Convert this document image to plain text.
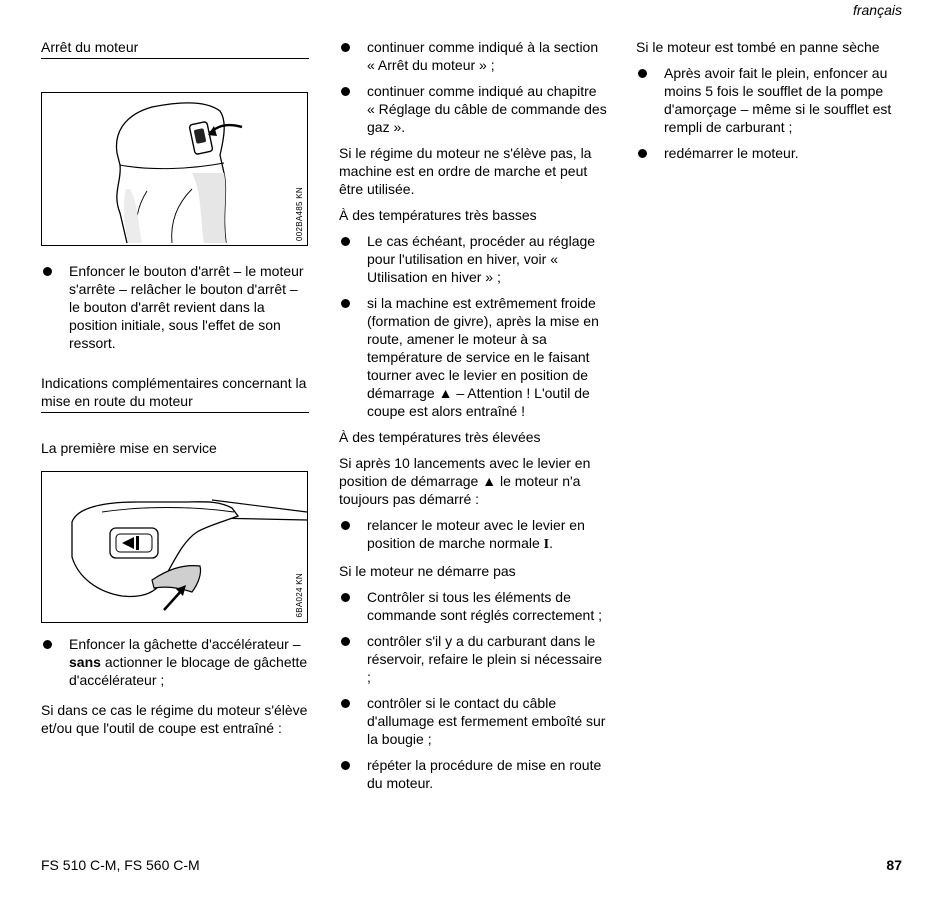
français
Arrêt du moteur
002BA485 KN
Enfoncer le bouton d'arrêt – le moteur s'arrête – relâcher le bouton d'arrêt – le bouton d'arrêt revient dans la position initiale, sous l'effet de son ressort.
Indications complémentaires concernant la mise en route du moteur
La première mise en service
6BA024 KN
Enfoncer la gâchette d'accélérateur – sans actionner le blocage de gâchette d'accélérateur ;
Si dans ce cas le régime du moteur s'élève et/ou que l'outil de coupe est entraîné :
continuer comme indiqué à la section « Arrêt du moteur » ;
continuer comme indiqué au chapitre « Réglage du câble de commande des gaz ».
Si le régime du moteur ne s'élève pas, la machine est en ordre de marche et peut être utilisée.
À des températures très basses
Le cas échéant, procéder au réglage pour l'utilisation en hiver, voir « Utilisation en hiver » ;
si la machine est extrêmement froide (formation de givre), après la mise en route, amener le moteur à sa température de service en le faisant tourner avec le levier en position de démarrage ▲ – Attention ! L'outil de coupe est alors entraîné !
À des températures très élevées
Si après 10 lancements avec le levier en position de démarrage ▲ le moteur n'a toujours pas démarré :
relancer le moteur avec le levier en position de marche normale I.
Si le moteur ne démarre pas
Contrôler si tous les éléments de commande sont réglés correctement ;
contrôler s'il y a du carburant dans le réservoir, refaire le plein si nécessaire ;
contrôler si le contact du câble d'allumage est fermement emboîté sur la bougie ;
répéter la procédure de mise en route du moteur.
Si le moteur est tombé en panne sèche
Après avoir fait le plein, enfoncer au moins 5 fois le soufflet de la pompe d'amorçage – même si le soufflet est rempli de carburant ;
redémarrer le moteur.
FS 510 C-M, FS 560 C-M	87
